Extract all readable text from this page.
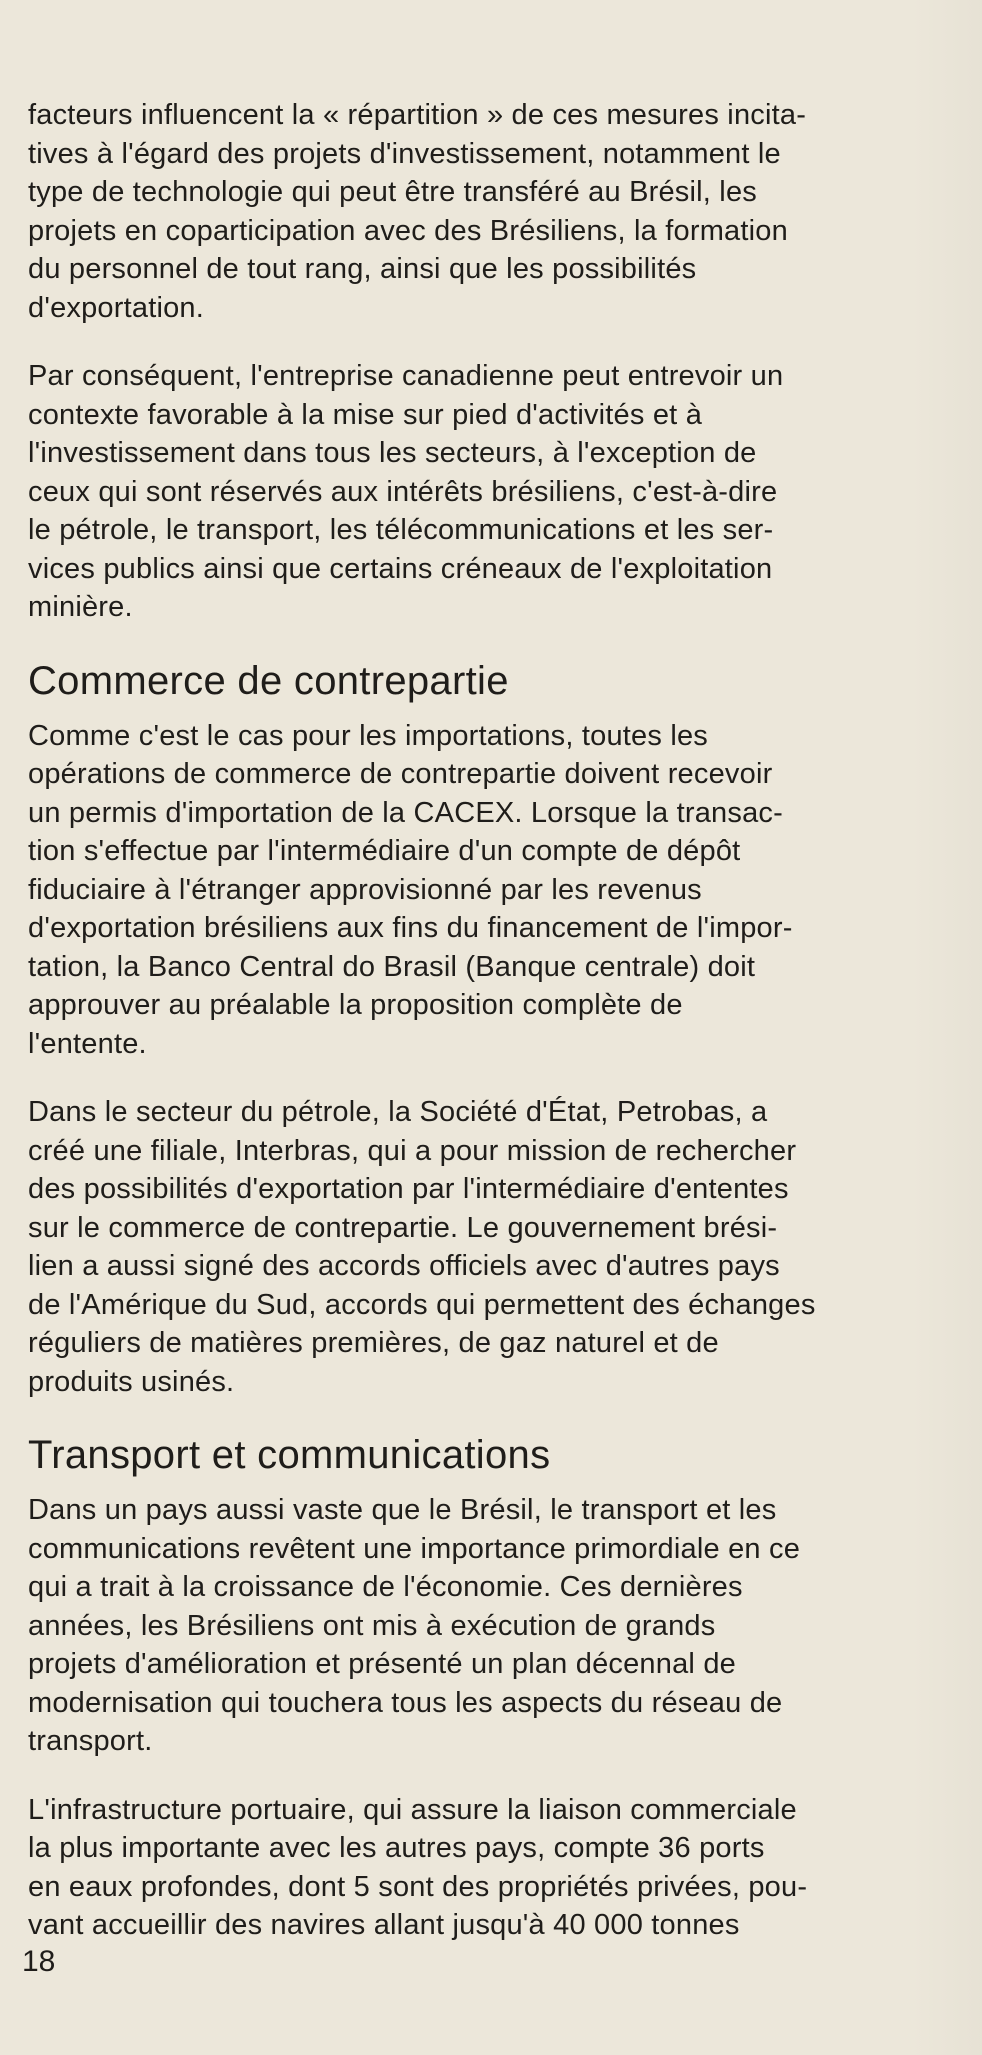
facteurs influencent la « répartition » de ces mesures incita-
tives à l'égard des projets d'investissement, notamment le
type de technologie qui peut être transféré au Brésil, les
projets en coparticipation avec des Brésiliens, la formation
du personnel de tout rang, ainsi que les possibilités
d'exportation.

Par conséquent, l'entreprise canadienne peut entrevoir un
contexte favorable à la mise sur pied d'activités et à
l'investissement dans tous les secteurs, à l'exception de
ceux qui sont réservés aux intérêts brésiliens, c'est-à-dire
le pétrole, le transport, les télécommunications et les ser-
vices publics ainsi que certains créneaux de l'exploitation
minière.

Commerce de contrepartie

Comme c'est le cas pour les importations, toutes les
opérations de commerce de contrepartie doivent recevoir
un permis d'importation de la CACEX. Lorsque la transac-
tion s'effectue par l'intermédiaire d'un compte de dépôt
fiduciaire à l'étranger approvisionné par les revenus
d'exportation brésiliens aux fins du financement de l'impor-
tation, la Banco Central do Brasil (Banque centrale) doit
approuver au préalable la proposition complète de
l'entente.

Dans le secteur du pétrole, la Société d'État, Petrobas, a
créé une filiale, Interbras, qui a pour mission de rechercher
des possibilités d'exportation par l'intermédiaire d'ententes
sur le commerce de contrepartie. Le gouvernement brési-
lien a aussi signé des accords officiels avec d'autres pays
de l'Amérique du Sud, accords qui permettent des échanges
réguliers de matières premières, de gaz naturel et de
produits usinés.

Transport et communications

Dans un pays aussi vaste que le Brésil, le transport et les
communications revêtent une importance primordiale en ce
qui a trait à la croissance de l'économie. Ces dernières
années, les Brésiliens ont mis à exécution de grands
projets d'amélioration et présenté un plan décennal de
modernisation qui touchera tous les aspects du réseau de
transport.

L'infrastructure portuaire, qui assure la liaison commerciale
la plus importante avec les autres pays, compte 36 ports
en eaux profondes, dont 5 sont des propriétés privées, pou-
vant accueillir des navires allant jusqu'à 40 000 tonnes

18
